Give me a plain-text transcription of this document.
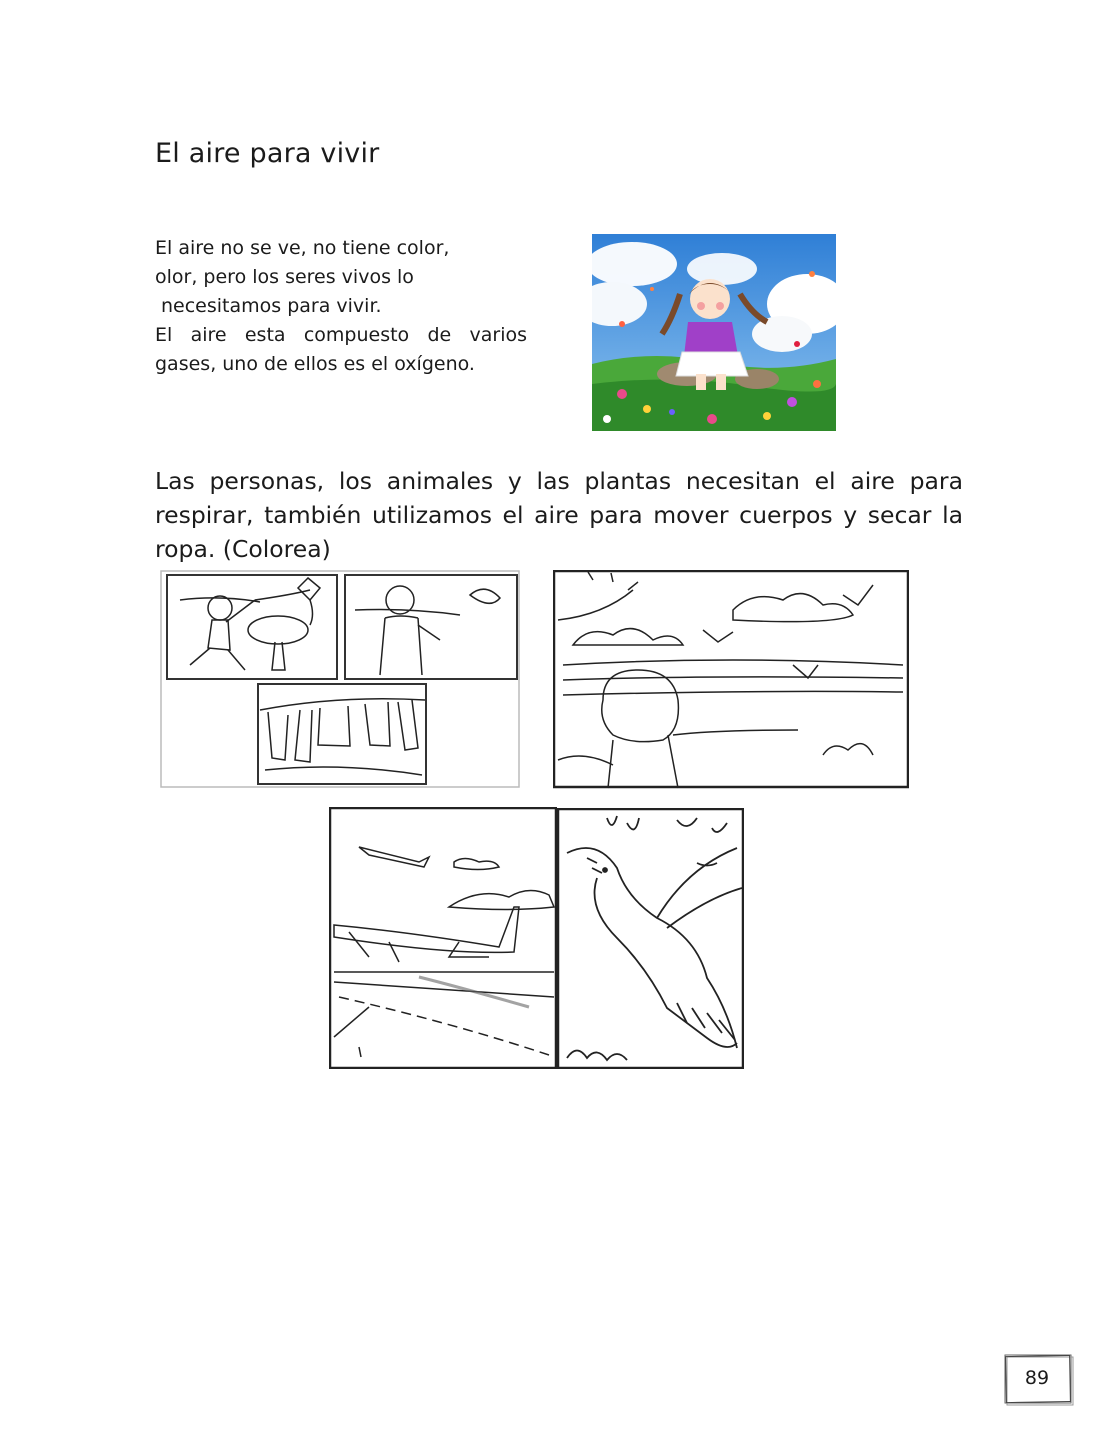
El aire para vivir
El aire no se ve, no tiene color,
olor, pero los seres vivos lo
necesitamos para vivir.
El aire esta compuesto de varios
gases, uno de ellos es el oxígeno.
Las personas, los animales y las plantas necesitan el aire para
respirar, también utilizamos el aire para mover cuerpos y secar la
ropa. (Colorea)
89
